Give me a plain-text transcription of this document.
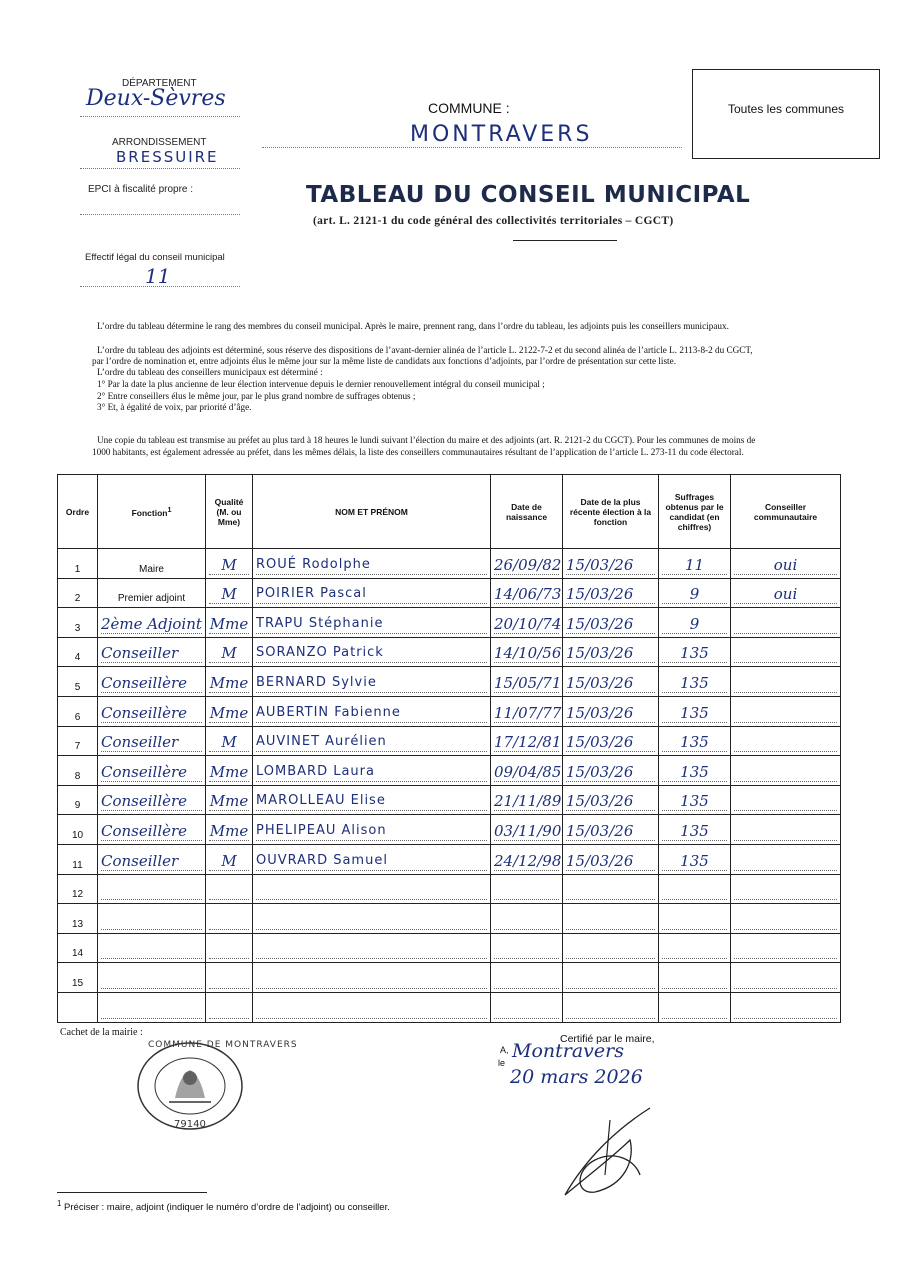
DÉPARTEMENT
Deux-Sèvres
ARRONDISSEMENT
BRESSUIRE
EPCI à fiscalité propre :
Effectif légal du conseil municipal
11
COMMUNE :
MONTRAVERS
Toutes les communes
TABLEAU DU CONSEIL MUNICIPAL
(art. L. 2121-1 du code général des collectivités territoriales – CGCT)
L’ordre du tableau détermine le rang des membres du conseil municipal. Après le maire, prennent rang, dans l’ordre du tableau, les adjoints puis les conseillers municipaux.
L’ordre du tableau des adjoints est déterminé, sous réserve des dispositions de l’avant-dernier alinéa de l’article L. 2122-7-2 et du second alinéa de l’article L. 2113-8-2 du CGCT,
par l’ordre de nomination et, entre adjoints élus le même jour sur la même liste de candidats aux fonctions d’adjoints, par l’ordre de présentation sur cette liste.
L’ordre du tableau des conseillers municipaux est déterminé :
1° Par la date la plus ancienne de leur élection intervenue depuis le dernier renouvellement intégral du conseil municipal ;
2° Entre conseillers élus le même jour, par le plus grand nombre de suffrages obtenus ;
3° Et, à égalité de voix, par priorité d’âge.
Une copie du tableau est transmise au préfet au plus tard à 18 heures le lundi suivant l’élection du maire et des adjoints (art. R. 2121-2 du CGCT). Pour les communes de moins de
1000 habitants, est également adressée au préfet, dans les mêmes délais, la liste des conseillers communautaires résultant de l’application de l’article L. 273-11 du code électoral.
Ordre	Fonction$^1$	Qualité (M. ou Mme)	NOM ET PRÉNOM	Date de naissance	Date de la plus récente élection à la fonction	Suffrages obtenus par le candidat (en chiffres)	Conseiller communautaire
1	Maire	M	ROUÉ Rodolphe	26/09/82	15/03/26	11	oui

2	Premier adjoint	M	POIRIER Pascal	14/06/73	15/03/26	9	oui

3	2ème Adjoint	Mme	TRAPU Stéphanie	20/10/74	15/03/26	9	

4	Conseiller	M	SORANZO Patrick	14/10/56	15/03/26	135	

5	Conseillère	Mme	BERNARD Sylvie	15/05/71	15/03/26	135	

6	Conseillère	Mme	AUBERTIN Fabienne	11/07/77	15/03/26	135	

7	Conseiller	M	AUVINET Aurélien	17/12/81	15/03/26	135	

8	Conseillère	Mme	LOMBARD Laura	09/04/85	15/03/26	135	

9	Conseillère	Mme	MAROLLEAU Elise	21/11/89	15/03/26	135	

10	Conseillère	Mme	PHELIPEAU Alison	03/11/90	15/03/26	135	

11	Conseiller	M	OUVRARD Samuel	24/12/98	15/03/26	135	

12	

13	

14	

15	

Cachet de la mairie :
COMMUNE DE MONTRAVERS
79140
Certifié par le maire,
A,
le
Montravers
20 mars 2026
$^1$ Préciser : maire, adjoint (indiquer le numéro d’ordre de l’adjoint) ou conseiller.
